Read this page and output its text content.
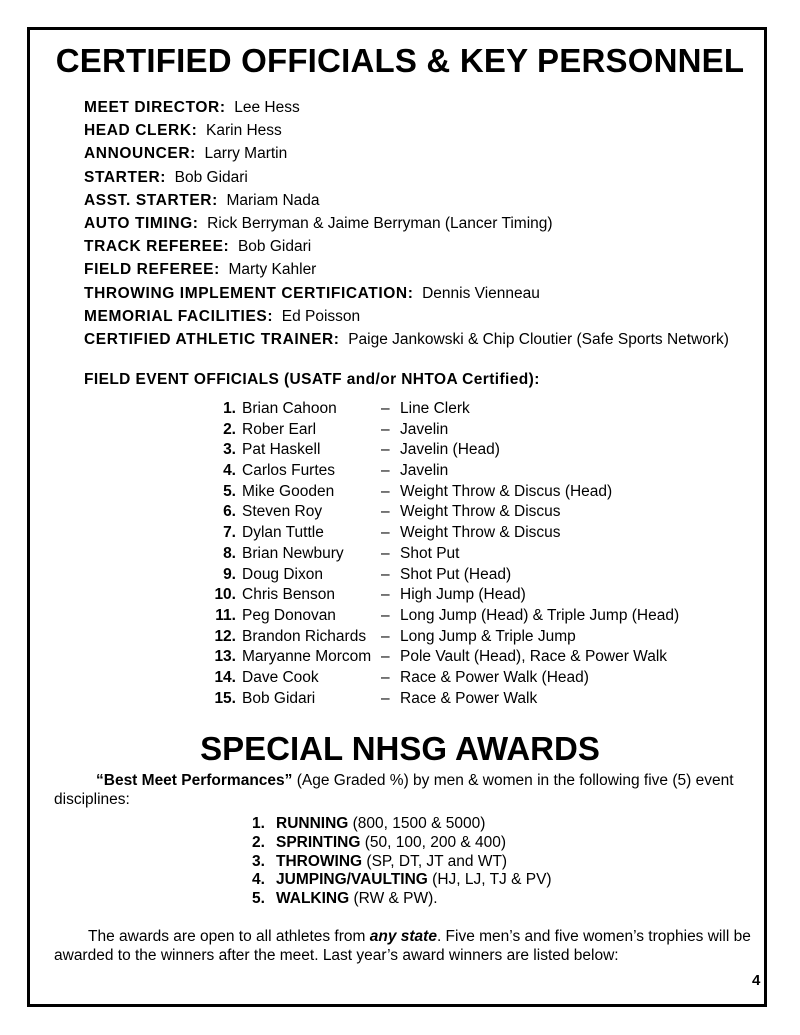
CERTIFIED OFFICIALS & KEY PERSONNEL
MEET DIRECTOR: Lee Hess
HEAD CLERK: Karin Hess
ANNOUNCER: Larry Martin
STARTER: Bob Gidari
ASST. STARTER: Mariam Nada
AUTO TIMING: Rick Berryman & Jaime Berryman (Lancer Timing)
TRACK REFEREE: Bob Gidari
FIELD REFEREE: Marty Kahler
THROWING IMPLEMENT CERTIFICATION: Dennis Vienneau
MEMORIAL FACILITIES: Ed Poisson
CERTIFIED ATHLETIC TRAINER: Paige Jankowski & Chip Cloutier (Safe Sports Network)
FIELD EVENT OFFICIALS (USATF and/or NHTOA Certified):
1. Brian Cahoon	– Line Clerk
2. Rober Earl	– Javelin
3. Pat Haskell	– Javelin (Head)
4. Carlos Furtes	– Javelin
5. Mike Gooden	– Weight Throw & Discus (Head)
6. Steven Roy	– Weight Throw & Discus
7. Dylan Tuttle	– Weight Throw & Discus
8. Brian Newbury – Shot Put
9. Doug Dixon	– Shot Put (Head)
10. Chris Benson	– High Jump (Head)
11. Peg Donovan	– Long Jump (Head) & Triple Jump (Head)
12. Brandon Richards – Long Jump & Triple Jump
13. Maryanne Morcom – Pole Vault (Head), Race & Power Walk
14. Dave Cook	– Race & Power Walk (Head)
15. Bob Gidari	– Race & Power Walk
SPECIAL NHSG AWARDS
“Best Meet Performances” (Age Graded %) by men & women in the following five (5) event disciplines:
1. RUNNING (800, 1500 & 5000)
2. SPRINTING (50, 100, 200 & 400)
3. THROWING (SP, DT, JT and WT)
4. JUMPING/VAULTING (HJ, LJ, TJ & PV)
5. WALKING (RW & PW).
The awards are open to all athletes from any state. Five men’s and five women’s trophies will be awarded to the winners after the meet. Last year’s award winners are listed below:
4
